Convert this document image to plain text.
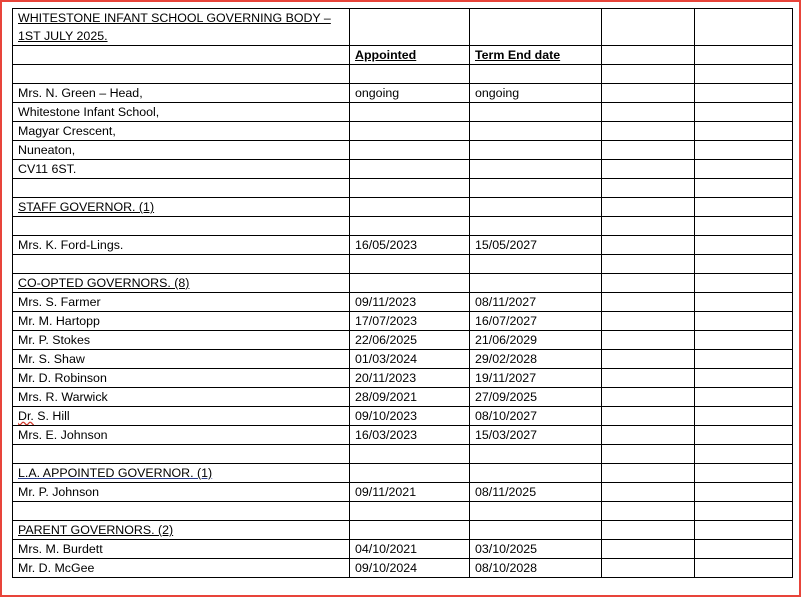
WHITESTONE INFANT SCHOOL GOVERNING BODY –
1ST JULY 2025.				
	Appointed	Term End date		

Mrs. N. Green – Head,	ongoing	ongoing		
Whitestone Infant School,				
Magyar Crescent,				
Nuneaton,				
CV11 6ST.				

STAFF GOVERNOR. (1)				

Mrs. K. Ford-Lings.	16/05/2023	15/05/2027		

CO-OPTED GOVERNORS. (8)				
Mrs. S. Farmer	09/11/2023	08/11/2027		
Mr. M. Hartopp	17/07/2023	16/07/2027		
Mr. P. Stokes	22/06/2025	21/06/2029		
Mr. S. Shaw	01/03/2024	29/02/2028		
Mr. D. Robinson	20/11/2023	19/11/2027		
Mrs. R. Warwick	28/09/2021	27/09/2025		
Dr. S. Hill	09/10/2023	08/10/2027		
Mrs. E. Johnson	16/03/2023	15/03/2027		

L.A. APPOINTED GOVERNOR. (1)				
Mr. P. Johnson	09/11/2021	08/11/2025		

PARENT GOVERNORS. (2)				
Mrs. M. Burdett	04/10/2021	03/10/2025		
Mr. D. McGee	09/10/2024	08/10/2028		
